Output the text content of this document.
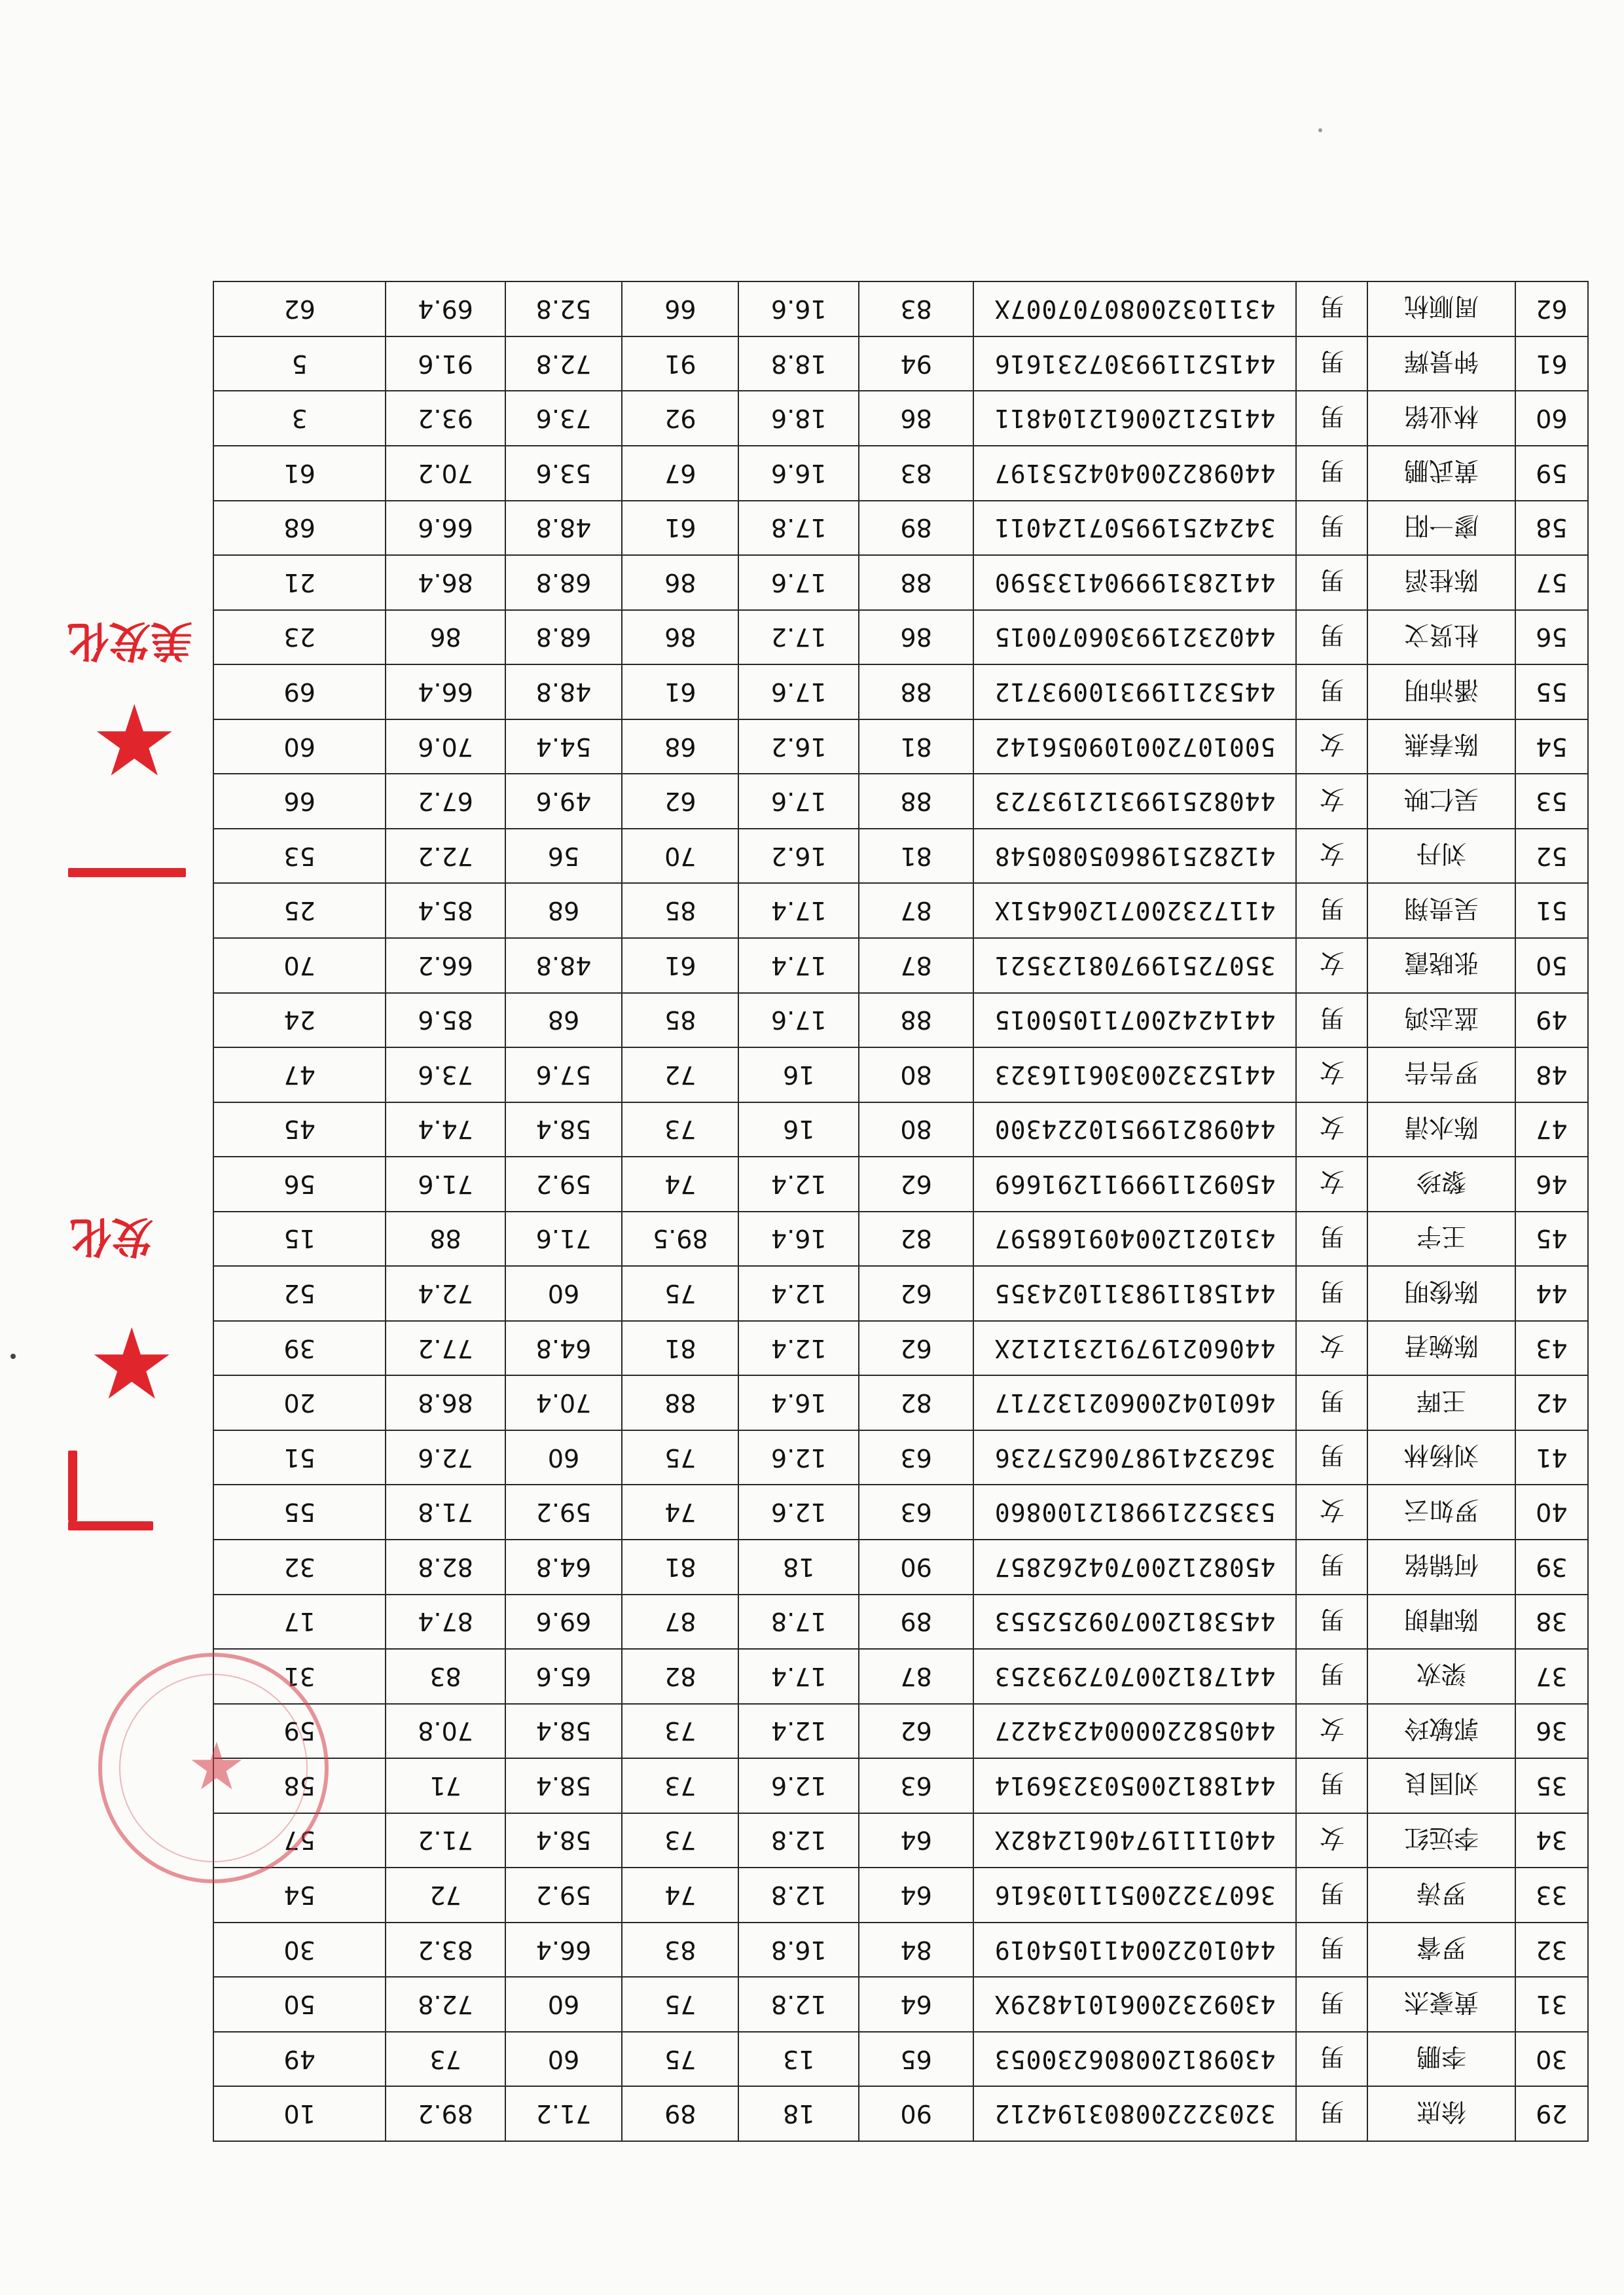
29	徐庶	男	320322200803194212	90	18	89	71.2	89.2	10
30	李鹏	男	430981200806230053	65	13	75	60	73	49
31	黄豪杰	男	43092320061014829X	64	12.8	75	60	72.8	50
32	罗睿	男	440102200411054019	84	16.8	83	66.4	83.2	30
33	罗涛	男	360732200511103616	64	12.8	74	59.2	72	54
34	李远红	女	44011119740612482X	64	12.8	73	58.4	71.2	57
35	刘国良	男	441881200503236914	63	12.6	73	58.4	71	58
36	郭敏玲	女	440582200004234227	62	12.4	73	58.4	70.8	59
37	梁欢	男	441781200707293253	87	17.4	82	65.6	83	31
38	陈晴朗	男	445381200709252553	89	17.8	87	69.6	87.4	17
39	何锦铭	男	450821200704262857	90	18	81	64.8	82.8	32
40	罗如云	女	533522199812100860	63	12.6	74	59.2	71.8	55
41	刘杨林	男	362324198706257236	63	12.6	75	60	72.6	51
42	王晖	男	460104200602132717	82	16.4	88	70.4	86.8	20
43	陈婉君	女	44060219791231212X	62	12.4	81	64.8	77.2	39
44	陈俊明	男	441581198311024355	62	12.4	75	60	72.4	52
45	王宇	男	431021200409168597	82	16.4	89.5	71.6	88	15
46	黎珍	女	450921199911291669	62	12.4	74	59.2	71.6	56
47	陈水清	女	440982199510224300	80	16	73	58.4	74.4	45
48	罗告告	女	441523200306116323	80	16	72	57.6	73.6	47
49	蓝志鸿	男	441424200711050015	88	17.6	85	68	85.6	24
50	张晓霞	女	350725199708123521	87	17.4	61	48.8	66.2	70
51	吴贵翔	男	41172320071206451X	87	17.4	85	68	85.4	25
52	刘丹	女	412825198605080548	81	16.2	70	56	72.2	53
53	吴仁映	女	440825199312193723	88	17.6	62	49.6	67.2	66
54	陈春燕	女	500107200109056142	81	16.2	68	54.4	70.6	60
55	潘沛明	男	445321199310093712	88	17.6	61	48.8	66.4	69
56	杜贤文	男	440232199306070015	86	17.2	86	68.8	86	23
57	陈桂滔	男	441283199904133590	88	17.6	86	68.8	86.4	21
58	廖一阳	男	342425199507124011	89	17.8	61	48.8	66.6	68
59	黄武鹏	男	440982200404253197	83	16.6	67	53.6	70.2	61
60	林业铭	男	441521200612104811	86	18.6	92	73.6	93.2	3
61	钟景辉	男	441521199307231616	94	18.8	91	72.8	91.6	5
62	周顺杭	男	43110320080707007X	83	16.6	66	52.8	69.4	62
美发化
★
发化
★
★
